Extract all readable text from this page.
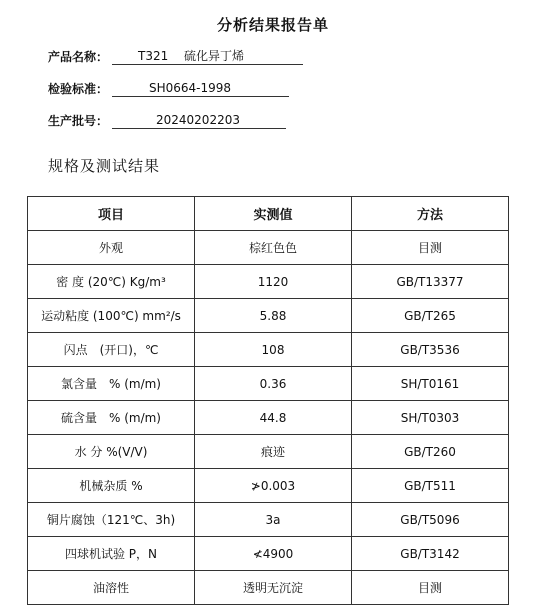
分析结果报告单
产品名称：	T321　 硫化异丁烯
检验标准：	SH0664-1998
生产批号：	20240202203
规格及测试结果
项目	实测值	方法
外观	棕红色色	目测
密 度 (20℃) Kg/m³	1120	GB/T13377
运动粘度 (100℃) mm²/s	5.88	GB/T265
闪点　(开口)，℃	108	GB/T3536
氯含量　% (m/m)	0.36	SH/T0161
硫含量　% (m/m)	44.8	SH/T0303
水 分 %(V/V)	痕迹	GB/T260
机械杂质 %	≯0.003	GB/T511
铜片腐蚀（121℃、3h)	3a	GB/T5096
四球机试验 P，N	≮4900	GB/T3142
油溶性	透明无沉淀	目测
